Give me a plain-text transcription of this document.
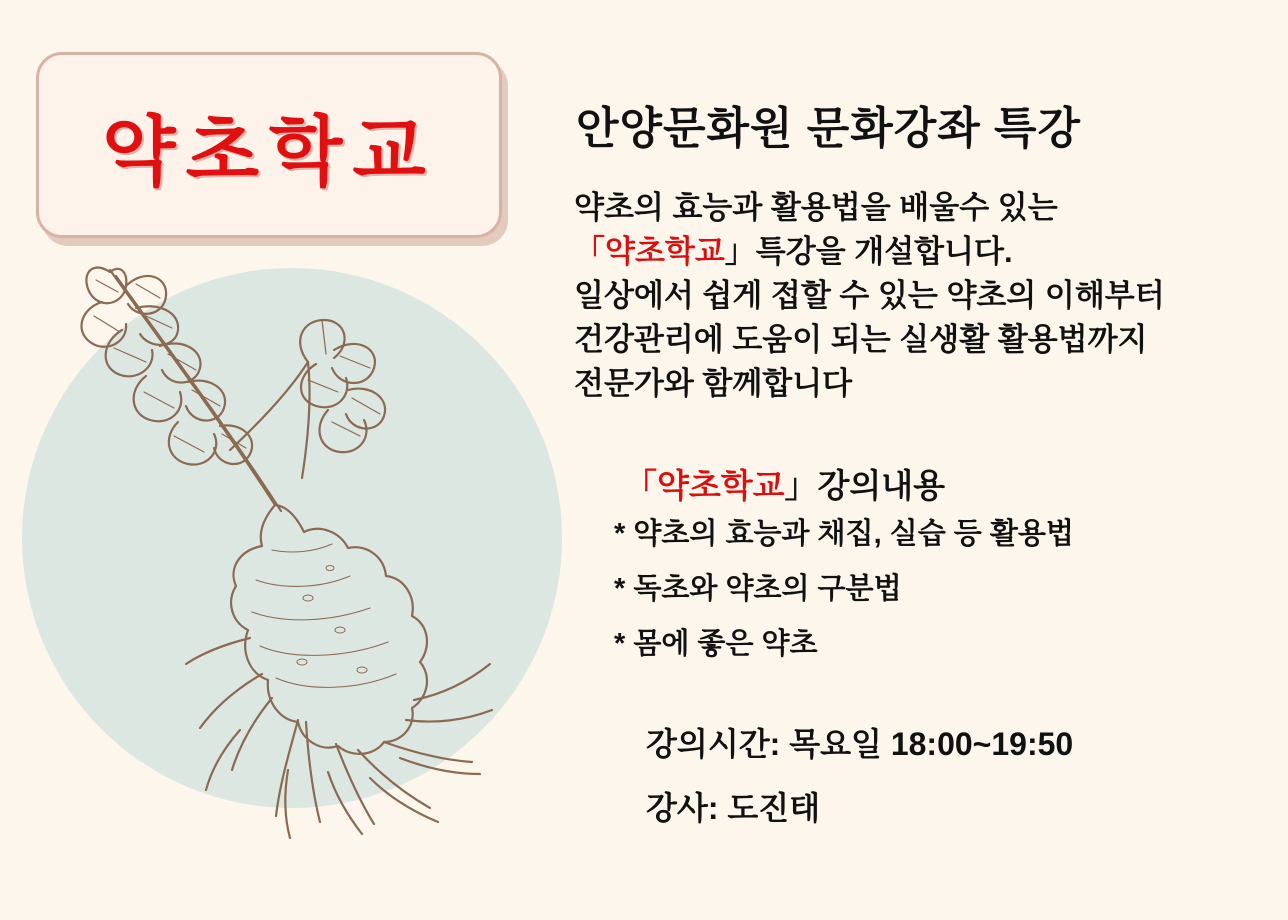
약초학교	안양문화원 문화강좌 특강
약초의 효능과 활용법을 배울수 있는
「약초학교」특강을 개설합니다.
일상에서 쉽게 접할 수 있는 약초의 이해부터
건강관리에 도움이 되는 실생활 활용법까지
전문가와 함께합니다
「약초학교」강의내용
* 약초의 효능과 채집, 실습 등 활용법
* 독초와 약초의 구분법
* 몸에 좋은 약초
강의시간: 목요일 18:00~19:50
강사: 도진태
